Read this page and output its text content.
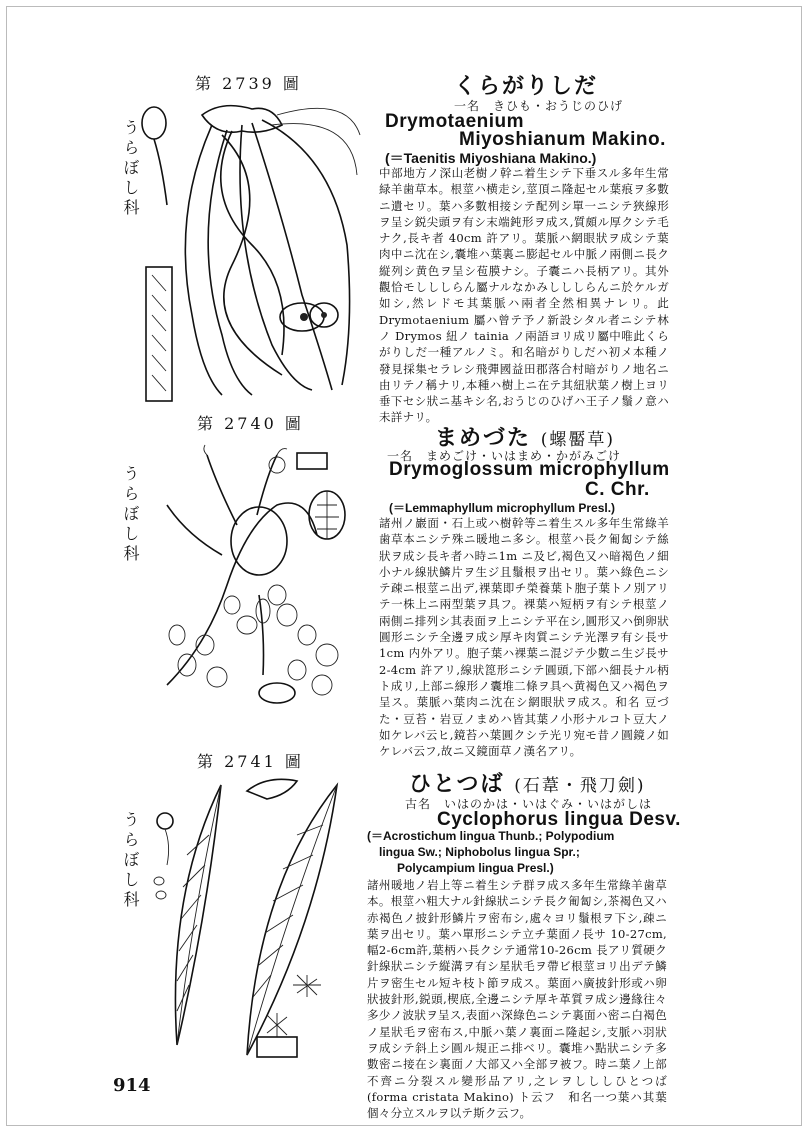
第 2739 圖
うらぼし科
くらがりしだ
一名　きひも・おうじのひげ
Drymotaenium
Miyoshianum Makino.
(＝Taenitis Miyoshiana Makino.)
中部地方ノ深山老樹ノ幹ニ着生シテ下垂スル多年生常緑羊歯草本。根莖ハ横走シ,莖頂ニ隆起セル葉痕ヲ多數ニ遺セリ。葉ハ多數相接シテ配列シ單一ニシテ狹線形ヲ呈シ鋭尖頭ヲ有シ末端鈍形ヲ成ス,質頗ル厚クシテ毛ナク,長キ者 40cm 許アリ。葉脈ハ網眼狀ヲ成シテ葉肉中ニ沈在シ,囊堆ハ葉裏ニ膨起セル中脈ノ兩側ニ長ク縦列シ黄色ヲ呈シ苞膜ナシ。子囊ニハ長柄アリ。其外觀恰モしししらん屬ナルなかみしししらんニ於ケルガ如シ,然レドモ其葉脈ハ兩者全然相異ナレリ。此 Drymotaenium 屬ハ曾テ予ノ新設シタル者ニシテ林ノ Drymos 紐ノ tainia ノ兩語ヨリ成リ屬中唯此くらがりしだ一種アルノミ。和名暗がりしだハ初メ本種ノ發見採集セラレシ飛彈國益田郡落合村暗がりノ地名ニ由リテノ稱ナリ,本種ハ樹上ニ在テ其紐狀葉ノ樹上ヨリ垂下セシ狀ニ基キシ名,おうじのひげハ王子ノ鬚ノ意ハ未詳ナリ。
第 2740 圖
うらぼし科
まめづた (螺靨草)
一名　まめごけ・いはまめ・かがみごけ
Drymoglossum microphyllum
C. Chr.
(＝Lemmaphyllum microphyllum Presl.)
諸州ノ巖面・石上或ハ樹幹等ニ着生スル多年生常綠羊歯草本ニシテ殊ニ暖地ニ多シ。根莖ハ長ク匍匐シテ絲狀ヲ成シ長キ者ハ時ニ1m ニ及ビ,褐色又ハ暗褐色ノ細小ナル線狀鱗片ヲ生ジ且鬚根ヲ出セリ。葉ハ綠色ニシテ疎ニ根莖ニ出デ,裸葉即チ榮養葉ト胞子葉トノ別アリテ一株上ニ兩型葉ヲ具フ。裸葉ハ短柄ヲ有シテ根莖ノ兩側ニ排列シ其表面ヲ上ニシテ平在シ,圓形又ハ倒卵狀圓形ニシテ全邊ヲ成シ厚キ肉質ニシテ光澤ヲ有シ長サ1cm 内外アリ。胞子葉ハ裸葉ニ混ジテ少數ニ生ジ長サ2-4cm 許アリ,線狀箆形ニシテ圓頭,下部ハ細長ナル柄ト成リ,上部ニ線形ノ囊堆二條ヲ具ヘ黄褐色又ハ褐色ヲ呈ス。葉脈ハ葉肉ニ沈在シ網眼狀ヲ成ス。和名 豆づた・豆苔・岩豆ノまめハ皆其葉ノ小形ナルコト豆大ノ如ケレバ云ヒ,鏡苔ハ葉圓クシテ光リ宛モ昔ノ圓鏡ノ如ケレバ云フ,故ニ又鏡面草ノ漢名アリ。
第 2741 圖
うらぼし科
ひとつば (石葦・飛刀劍)
古名　いはのかは・いはぐみ・いはがしは
Cyclophorus lingua Desv.
(＝Acrostichum lingua Thunb.; Polypodium
lingua Sw.; Niphobolus lingua Spr.;
Polycampium lingua Presl.)
諸州暖地ノ岩上等ニ着生シテ群ヲ成ス多年生常綠羊歯草本。根莖ハ粗大ナル針線狀ニシテ長ク匍匐シ,茶褐色又ハ赤褐色ノ披針形鱗片ヲ密布シ,處々ヨリ鬚根ヲ下シ,疎ニ葉ヲ出セリ。葉ハ單形ニシテ立チ葉面ノ長サ 10-27cm,幅2-6cm許,葉柄ハ長クシテ通常10-26cm 長アリ質硬ク針線狀ニシテ縦溝ヲ有シ星狀毛ヲ帶ビ根莖ヨリ出デテ鱗片ヲ密生セル短キ枝ト節ヲ成ス。葉面ハ廣披針形或ハ卵狀披針形,鋭頭,楔底,全邊ニシテ厚キ革質ヲ成シ邊緣往々多少ノ波狀ヲ呈ス,表面ハ深綠色ニシテ裏面ハ密ニ白褐色ノ星狀毛ヲ密布ス,中脈ハ葉ノ裏面ニ隆起シ,支脈ハ羽狀ヲ成シテ斜上シ圓ル規正ニ排ベリ。囊堆ハ點狀ニシテ多數密ニ接在シ裏面ノ大部又ハ全部ヲ被フ。時ニ葉ノ上部不齊ニ分裂スル變形品アリ,之レヲしししひとつば (forma cristata Makino) ト云フ　和名一つ葉ハ其葉個々分立スルヲ以テ斯ク云フ。
914
